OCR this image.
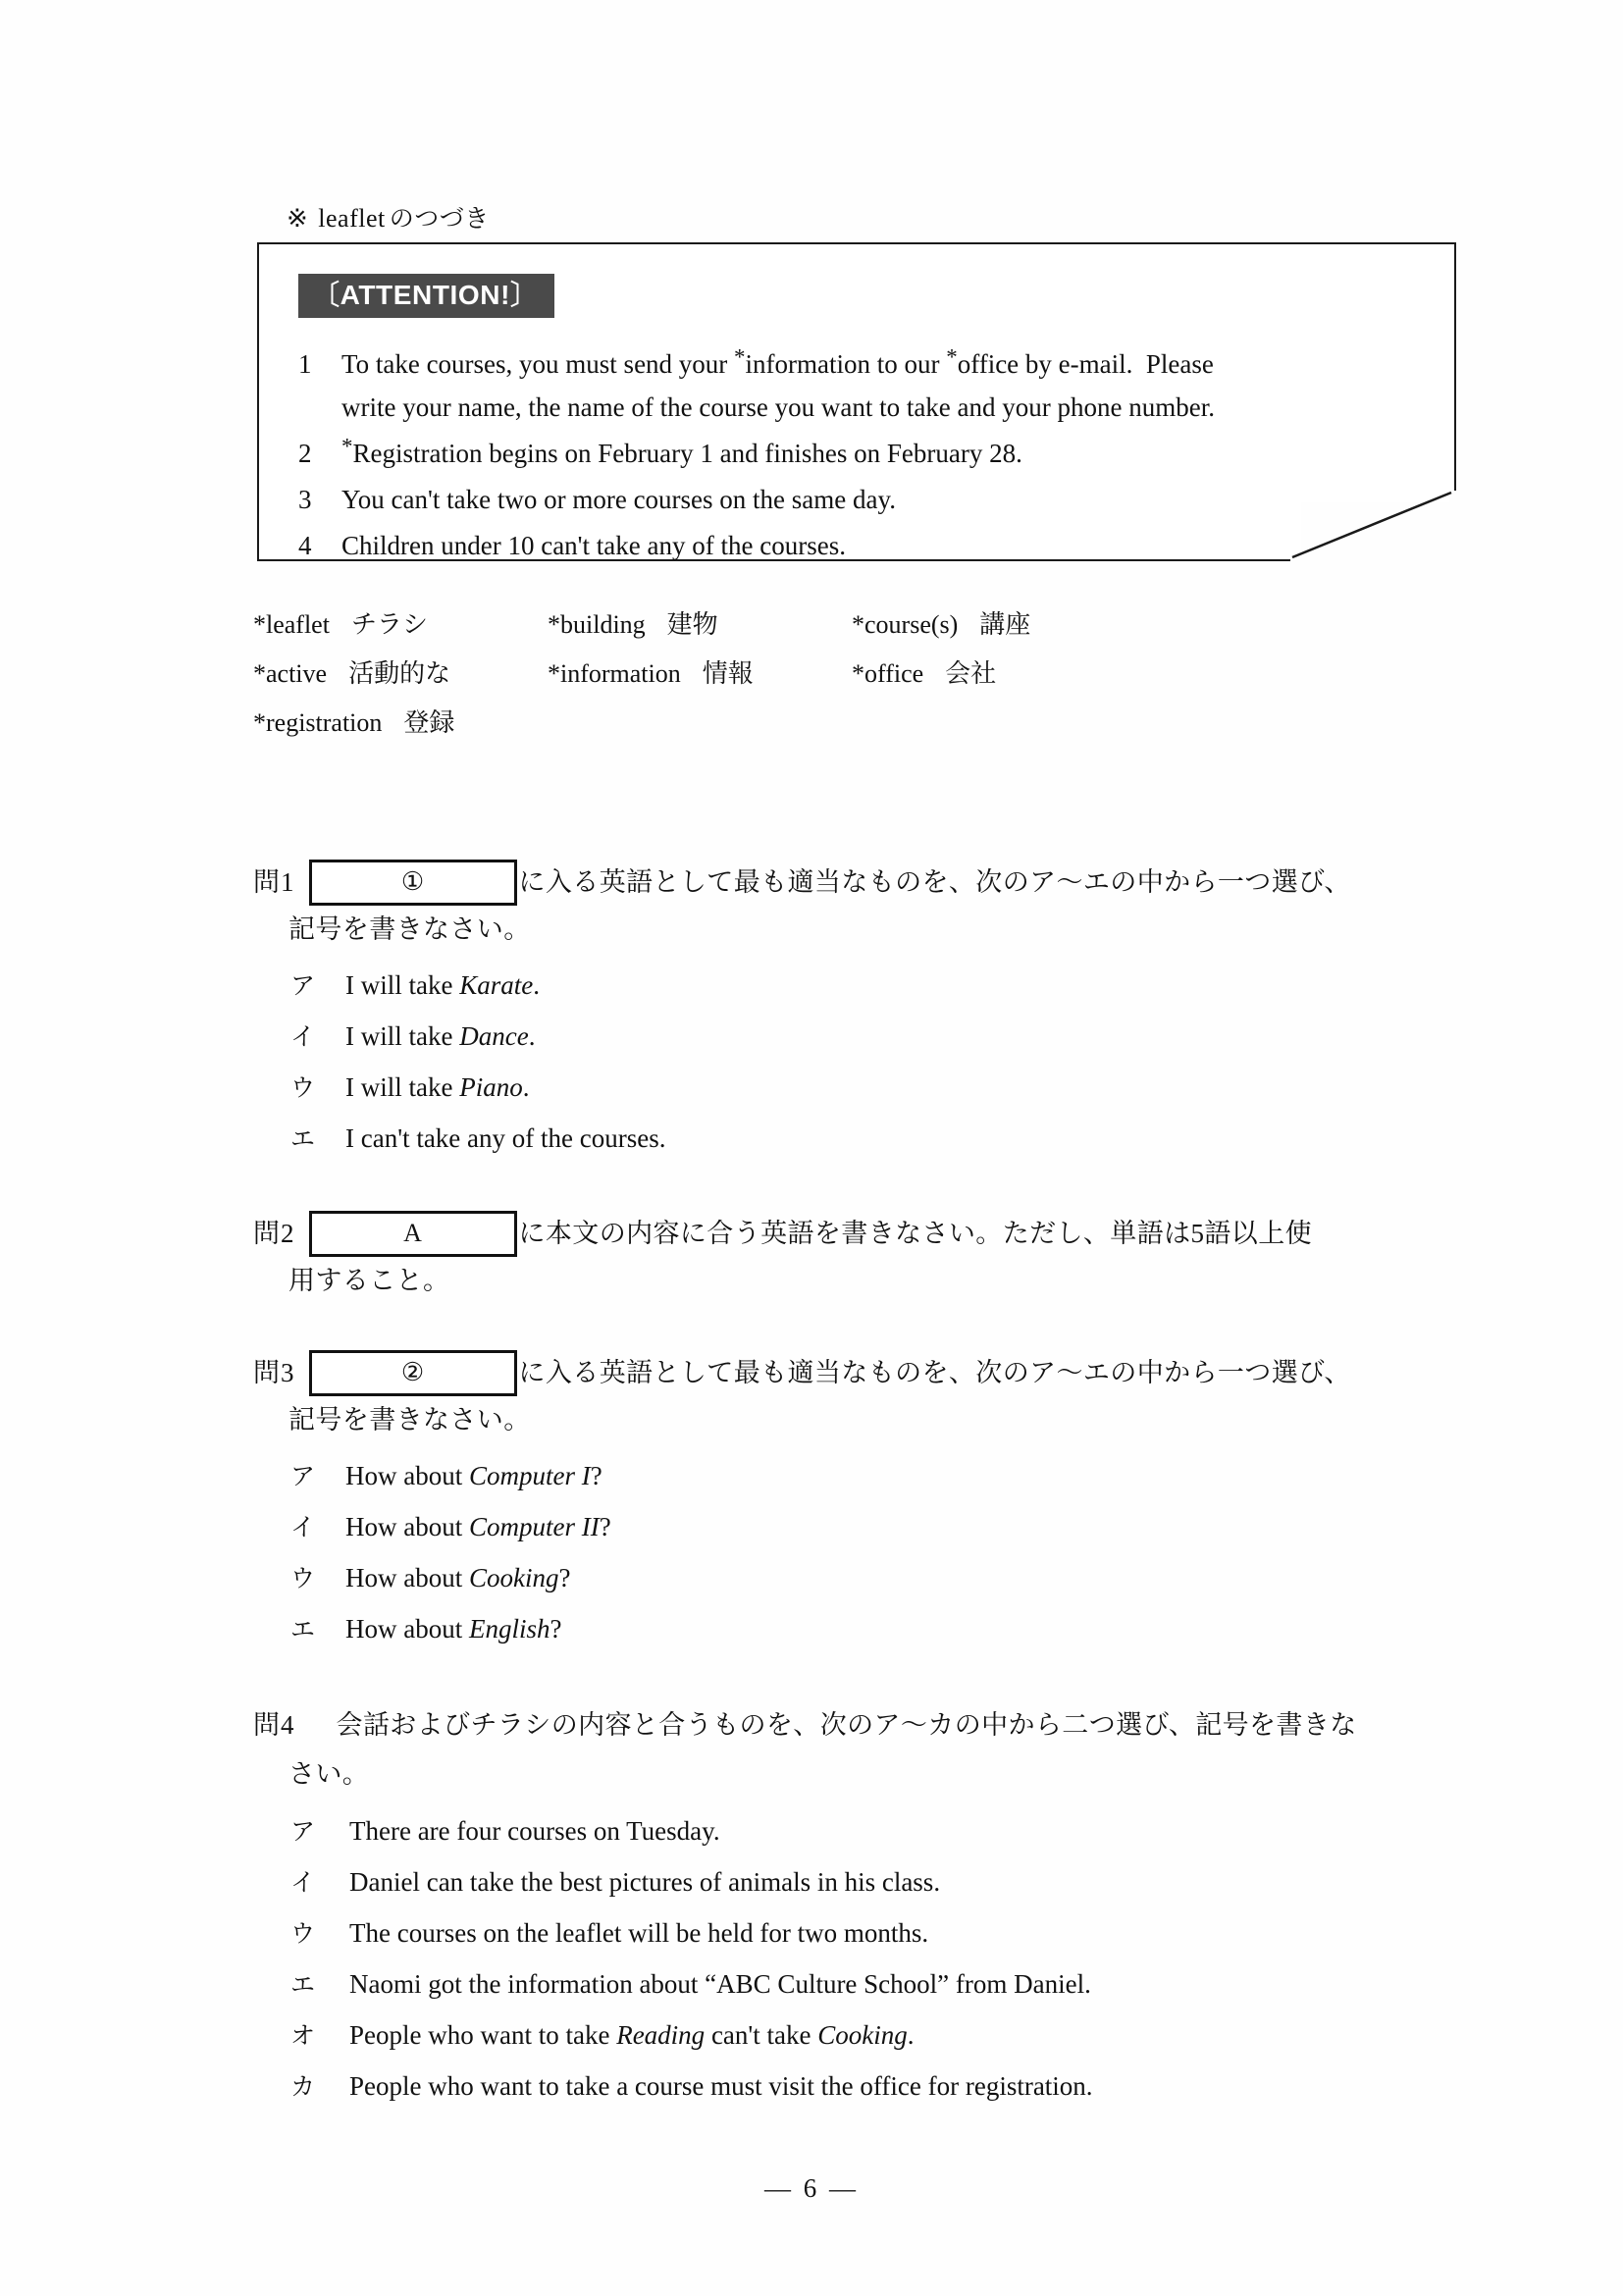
※ leaflet のつづき
〔ATTENTION!〕
1	To take courses, you must send your *information to our *office by e-mail.  Please
write your name, the name of the course you want to take and your phone number.
2	*Registration begins on February 1 and finishes on February 28.
3	You can't take two or more courses on the same day.
4	Children under 10 can't take any of the courses.
*leaflet チラシ	*building 建物	*course(s) 講座
*active 活動的な	*information 情報	*office 会社
*registration 登録
問1	①	に入る英語として最も適当なものを、次のア～エの中から一つ選び、
記号を書きなさい。
ア	I will take Karate.
イ	I will take Dance.
ウ	I will take Piano.
エ	I can't take any of the courses.
問2	A	に本文の内容に合う英語を書きなさい。ただし、単語は5語以上使
用すること。
問3	②	に入る英語として最も適当なものを、次のア～エの中から一つ選び、
記号を書きなさい。
ア	How about Computer I?
イ	How about Computer II?
ウ	How about Cooking?
エ	How about English?
問4 会話およびチラシの内容と合うものを、次のア～カの中から二つ選び、記号を書きな
さい。
ア	There are four courses on Tuesday.
イ	Daniel can take the best pictures of animals in his class.
ウ	The courses on the leaflet will be held for two months.
エ	Naomi got the information about “ABC Culture School” from Daniel.
オ	People who want to take Reading can't take Cooking.
カ	People who want to take a course must visit the office for registration.
— 6 —
